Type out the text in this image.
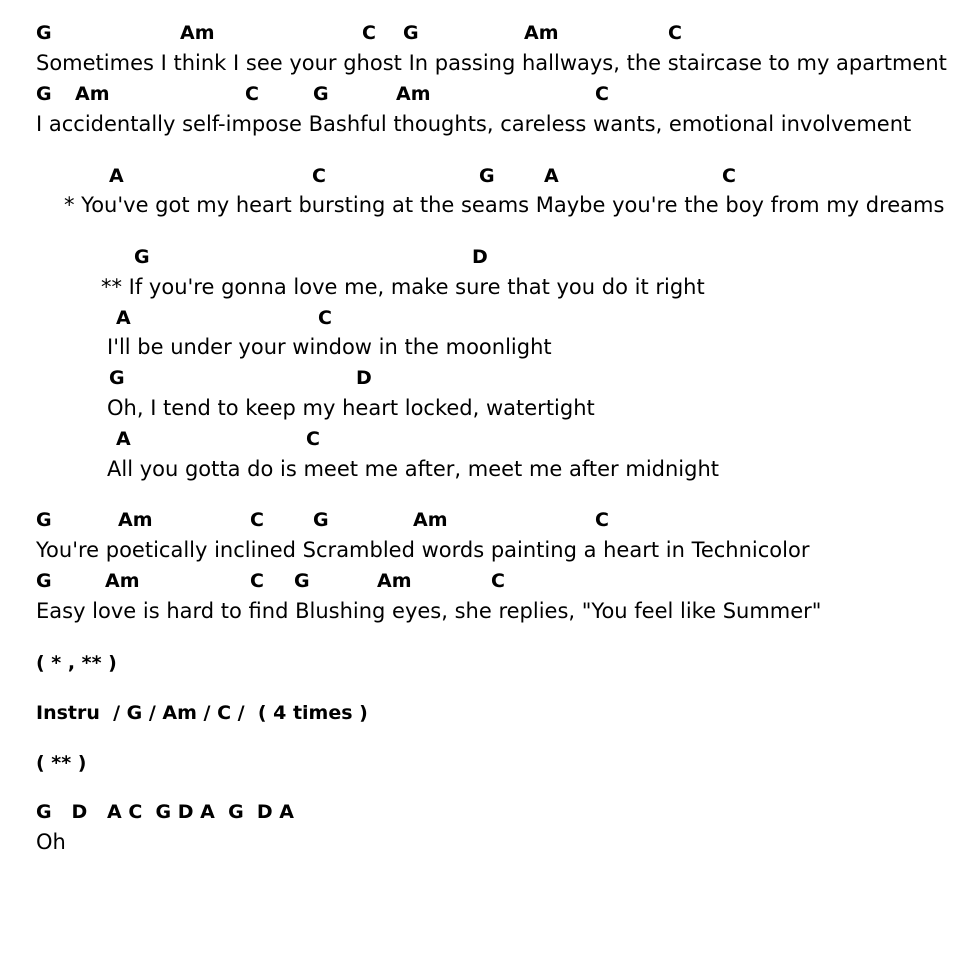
G	Am	C G	Am	C
Sometimes I think I see your ghost In passing hallways, the staircase to my apartment
G Am	C	G	Am	C
I accidentally self-impose Bashful thoughts, careless wants, emotional involvement
A	C	G	A	C
* You've got my heart bursting at the seams Maybe you're the boy from my dreams
G	D
** If you're gonna love me, make sure that you do it right
A	C
I'll be under your window in the moonlight
G	D
Oh, I tend to keep my heart locked, watertight
A	C
All you gotta do is meet me after, meet me after midnight
G	Am	C	G	Am	C
You're poetically inclined Scrambled words painting a heart in Technicolor
G	Am	C G	Am	C
Easy love is hard to find Blushing eyes, she replies, "You feel like Summer"
( * , ** )
Instru  / G / Am / C /  ( 4 times )
( ** )
G   D   A C  G D A  G  D A
Oh
